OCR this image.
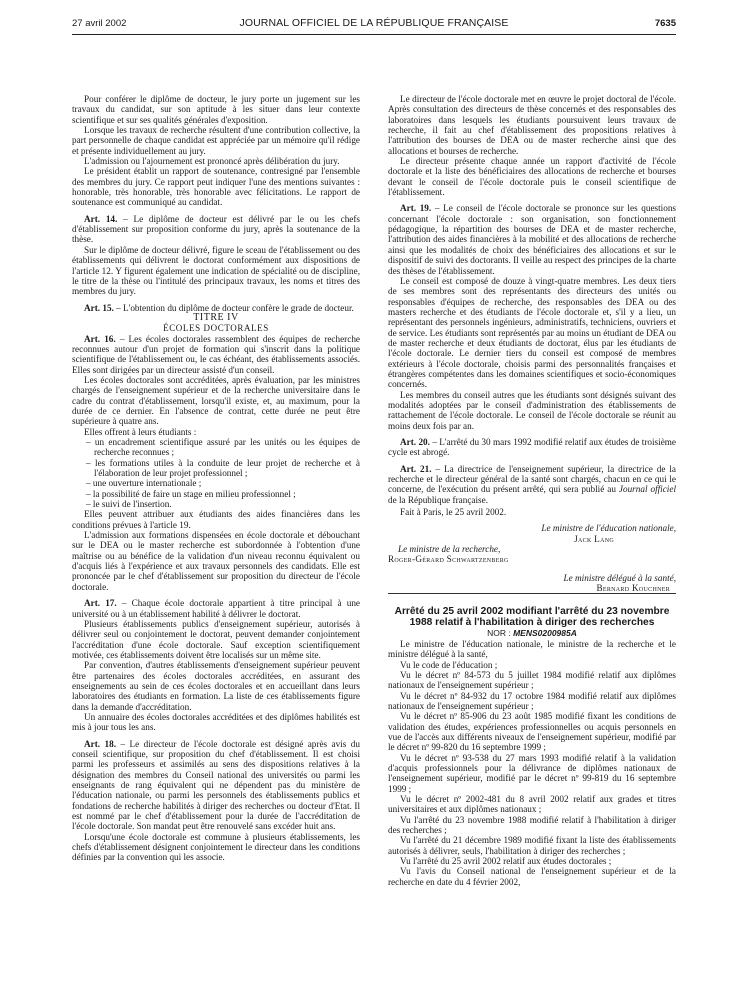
27 avril 2002	JOURNAL OFFICIEL DE LA RÉPUBLIQUE FRANÇAISE	7635

Pour conférer le diplôme de docteur, le jury porte un jugement sur les travaux du candidat, sur son aptitude à les situer dans leur contexte scientifique et sur ses qualités générales d'exposition.

Lorsque les travaux de recherche résultent d'une contribution collective, la part personnelle de chaque candidat est appréciée par un mémoire qu'il rédige et présente individuellement au jury.

L'admission ou l'ajournement est prononcé après délibération du jury.

Le président établit un rapport de soutenance, contresigné par l'ensemble des membres du jury. Ce rapport peut indiquer l'une des mentions suivantes : honorable, très honorable, très honorable avec félicitations. Le rapport de soutenance est communiqué au candidat.

Art. 14. – Le diplôme de docteur est délivré par le ou les chefs d'établissement sur proposition conforme du jury, après la soutenance de la thèse.

Sur le diplôme de docteur délivré, figure le sceau de l'établissement ou des établissements qui délivrent le doctorat conformément aux dispositions de l'article 12. Y figurent également une indication de spécialité ou de discipline, le titre de la thèse ou l'intitulé des principaux travaux, les noms et titres des membres du jury.

Art. 15. – L'obtention du diplôme de docteur confère le grade de docteur.

TITRE IV

ÉCOLES DOCTORALES

Art. 16. – Les écoles doctorales rassemblent des équipes de recherche reconnues autour d'un projet de formation qui s'inscrit dans la politique scientifique de l'établissement ou, le cas échéant, des établissements associés. Elles sont dirigées par un directeur assisté d'un conseil.

Les écoles doctorales sont accréditées, après évaluation, par les ministres chargés de l'enseignement supérieur et de la recherche universitaire dans le cadre du contrat d'établissement, lorsqu'il existe, et, au maximum, pour la durée de ce dernier. En l'absence de contrat, cette durée ne peut être supérieure à quatre ans.

Elles offrent à leurs étudiants :

– un encadrement scientifique assuré par les unités ou les équipes de recherche reconnues ;
– les formations utiles à la conduite de leur projet de recherche et à l'élaboration de leur projet professionnel ;
– une ouverture internationale ;
– la possibilité de faire un stage en milieu professionnel ;
– le suivi de l'insertion.

Elles peuvent attribuer aux étudiants des aides financières dans les conditions prévues à l'article 19.

L'admission aux formations dispensées en école doctorale et débouchant sur le DEA ou le master recherche est subordonnée à l'obtention d'une maîtrise ou au bénéfice de la validation d'un niveau reconnu équivalent ou d'acquis liés à l'expérience et aux travaux personnels des candidats. Elle est prononcée par le chef d'établissement sur proposition du directeur de l'école doctorale.

Art. 17. – Chaque école doctorale appartient à titre principal à une université ou à un établissement habilité à délivrer le doctorat.

Plusieurs établissements publics d'enseignement supérieur, autorisés à délivrer seul ou conjointement le doctorat, peuvent demander conjointement l'accréditation d'une école doctorale. Sauf exception scientifiquement motivée, ces établissements doivent être localisés sur un même site.

Par convention, d'autres établissements d'enseignement supérieur peuvent être partenaires des écoles doctorales accréditées, en assurant des enseignements au sein de ces écoles doctorales et en accueillant dans leurs laboratoires des étudiants en formation. La liste de ces établissements figure dans la demande d'accréditation.

Un annuaire des écoles doctorales accréditées et des diplômes habilités est mis à jour tous les ans.

Art. 18. – Le directeur de l'école doctorale est désigné après avis du conseil scientifique, sur proposition du chef d'établissement. Il est choisi parmi les professeurs et assimilés au sens des dispositions relatives à la désignation des membres du Conseil national des universités ou parmi les enseignants de rang équivalent qui ne dépendent pas du ministère de l'éducation nationale, ou parmi les personnels des établissements publics et fondations de recherche habilités à diriger des recherches ou docteur d'Etat. Il est nommé par le chef d'établissement pour la durée de l'accréditation de l'école doctorale. Son mandat peut être renouvelé sans excéder huit ans.

Lorsqu'une école doctorale est commune à plusieurs établissements, les chefs d'établissement désignent conjointement le directeur dans les conditions définies par la convention qui les associe.

Le directeur de l'école doctorale met en œuvre le projet doctoral de l'école. Après consultation des directeurs de thèse concernés et des responsables des laboratoires dans lesquels les étudiants poursuivent leurs travaux de recherche, il fait au chef d'établissement des propositions relatives à l'attribution des bourses de DEA ou de master recherche ainsi que des allocations et bourses de recherche.

Le directeur présente chaque année un rapport d'activité de l'école doctorale et la liste des bénéficiaires des allocations de recherche et bourses devant le conseil de l'école doctorale puis le conseil scientifique de l'établissement.

Art. 19. – Le conseil de l'école doctorale se prononce sur les questions concernant l'école doctorale : son organisation, son fonctionnement pédagogique, la répartition des bourses de DEA et de master recherche, l'attribution des aides financières à la mobilité et des allocations de recherche ainsi que les modalités de choix des bénéficiaires des allocations et sur le dispositif de suivi des doctorants. Il veille au respect des principes de la charte des thèses de l'établissement.

Le conseil est composé de douze à vingt-quatre membres. Les deux tiers de ses membres sont des représentants des directeurs des unités ou responsables d'équipes de recherche, des responsables des DEA ou des masters recherche et des étudiants de l'école doctorale et, s'il y a lieu, un représentant des personnels ingénieurs, administratifs, techniciens, ouvriers et de service. Les étudiants sont représentés par au moins un étudiant de DEA ou de master recherche et deux étudiants de doctorat, élus par les étudiants de l'école doctorale. Le dernier tiers du conseil est composé de membres extérieurs à l'école doctorale, choisis parmi des personnalités françaises et étrangères compétentes dans les domaines scientifiques et socio-économiques concernés.

Les membres du conseil autres que les étudiants sont désignés suivant des modalités adoptées par le conseil d'administration des établissements de rattachement de l'école doctorale. Le conseil de l'école doctorale se réunit au moins deux fois par an.

Art. 20. – L'arrêté du 30 mars 1992 modifié relatif aux études de troisième cycle est abrogé.

Art. 21. – La directrice de l'enseignement supérieur, la directrice de la recherche et le directeur général de la santé sont chargés, chacun en ce qui le concerne, de l'exécution du présent arrêté, qui sera publié au Journal officiel de la République française.

Fait à Paris, le 25 avril 2002.

Le ministre de l'éducation nationale,

Jack Lang

Le ministre de la recherche,

Roger-Gérard Schwartzenberg

Le ministre délégué à la santé,

Bernard Kouchner

Arrêté du 25 avril 2002 modifiant l'arrêté du 23 novembre 1988 relatif à l'habilitation à diriger des recherches

NOR : MENS0200985A

Le ministre de l'éducation nationale, le ministre de la recherche et le ministre délégué à la santé,

Vu le code de l'éducation ;

Vu le décret nº 84-573 du 5 juillet 1984 modifié relatif aux diplômes nationaux de l'enseignement supérieur ;

Vu le décret nº 84-932 du 17 octobre 1984 modifié relatif aux diplômes nationaux de l'enseignement supérieur ;

Vu le décret nº 85-906 du 23 août 1985 modifié fixant les conditions de validation des études, expériences professionnelles ou acquis personnels en vue de l'accès aux différents niveaux de l'enseignement supérieur, modifié par le décret nº 99-820 du 16 septembre 1999 ;

Vu le décret nº 93-538 du 27 mars 1993 modifié relatif à la validation d'acquis professionnels pour la délivrance de diplômes nationaux de l'enseignement supérieur, modifié par le décret nº 99-819 du 16 septembre 1999 ;

Vu le décret nº 2002-481 du 8 avril 2002 relatif aux grades et titres universitaires et aux diplômes nationaux ;

Vu l'arrêté du 23 novembre 1988 modifié relatif à l'habilitation à diriger des recherches ;

Vu l'arrêté du 21 décembre 1989 modifié fixant la liste des établissements autorisés à délivrer, seuls, l'habilitation à diriger des recherches ;

Vu l'arrêté du 25 avril 2002 relatif aux études doctorales ;

Vu l'avis du Conseil national de l'enseignement supérieur et de la recherche en date du 4 février 2002,
